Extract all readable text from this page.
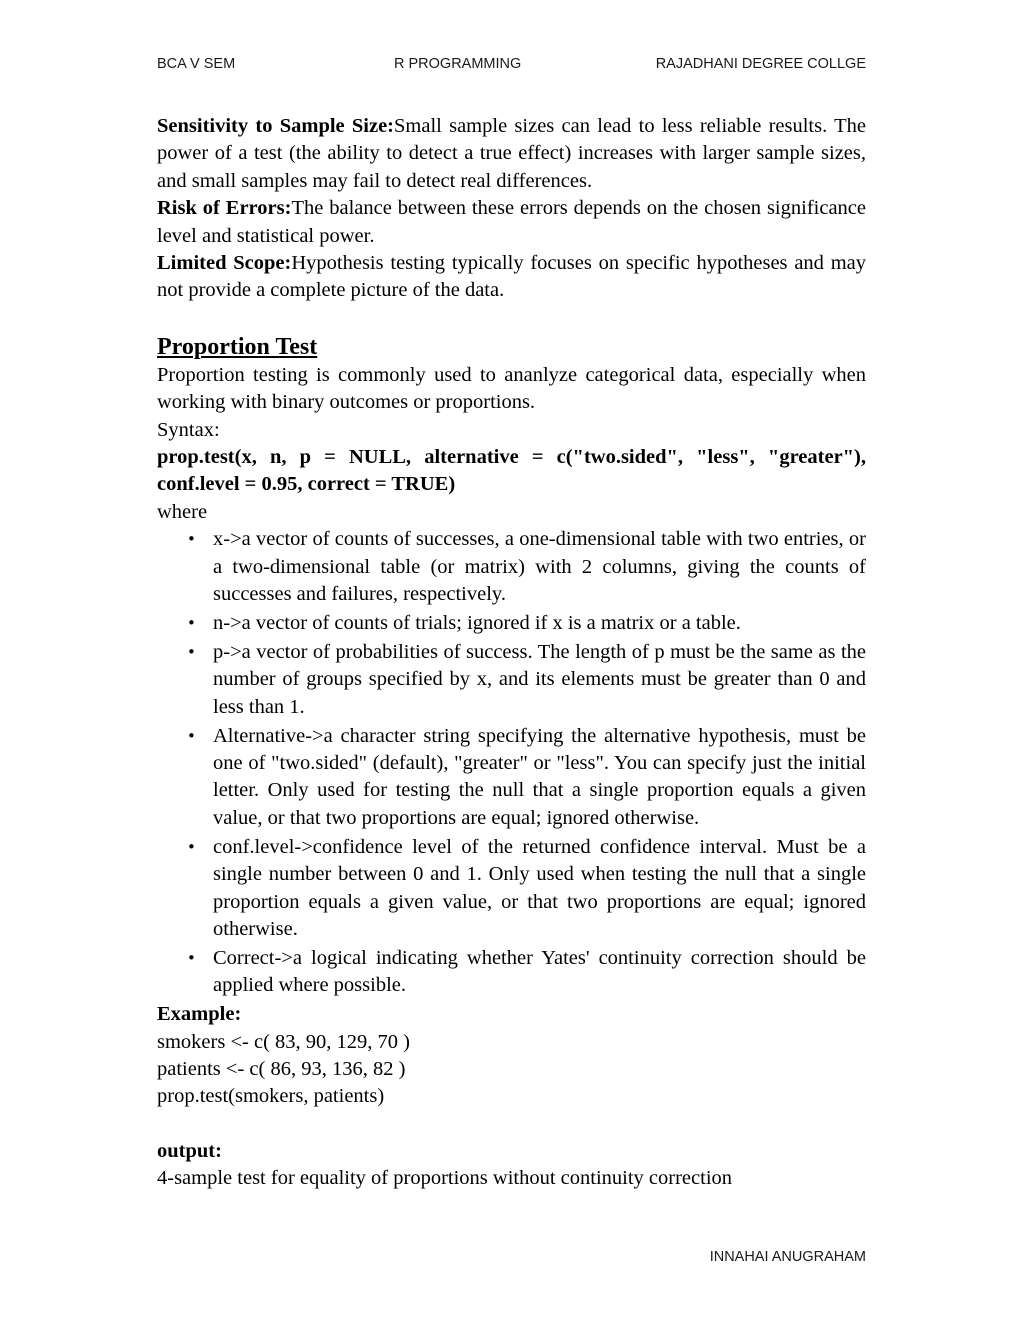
BCA V SEM	R PROGRAMMING	RAJADHANI DEGREE COLLGE

Sensitivity to Sample Size:Small sample sizes can lead to less reliable results. The power of a test (the ability to detect a true effect) increases with larger sample sizes, and small samples may fail to detect real differences.

Risk of Errors:The balance between these errors depends on the chosen significance level and statistical power.

Limited Scope:Hypothesis testing typically focuses on specific hypotheses and may not provide a complete picture of the data.

Proportion Test

Proportion testing is commonly used to ananlyze categorical data, especially when working with binary outcomes or proportions.

Syntax:

prop.test(x, n, p = NULL, alternative = c("two.sided", "less", "greater"), conf.level = 0.95, correct = TRUE)

where

• x->a vector of counts of successes, a one-dimensional table with two entries, or a two-dimensional table (or matrix) with 2 columns, giving the counts of successes and failures, respectively.
• n->a vector of counts of trials; ignored if x is a matrix or a table.
• p->a vector of probabilities of success. The length of p must be the same as the number of groups specified by x, and its elements must be greater than 0 and less than 1.
• Alternative->a character string specifying the alternative hypothesis, must be one of "two.sided" (default), "greater" or "less". You can specify just the initial letter. Only used for testing the null that a single proportion equals a given value, or that two proportions are equal; ignored otherwise.
• conf.level->confidence level of the returned confidence interval. Must be a single number between 0 and 1. Only used when testing the null that a single proportion equals a given value, or that two proportions are equal; ignored otherwise.
• Correct->a logical indicating whether Yates' continuity correction should be applied where possible.

Example:

smokers <- c( 83, 90, 129, 70 )

patients <- c( 86, 93, 136, 82 )

prop.test(smokers, patients)

output:

4-sample test for equality of proportions without continuity correction

INNAHAI ANUGRAHAM
